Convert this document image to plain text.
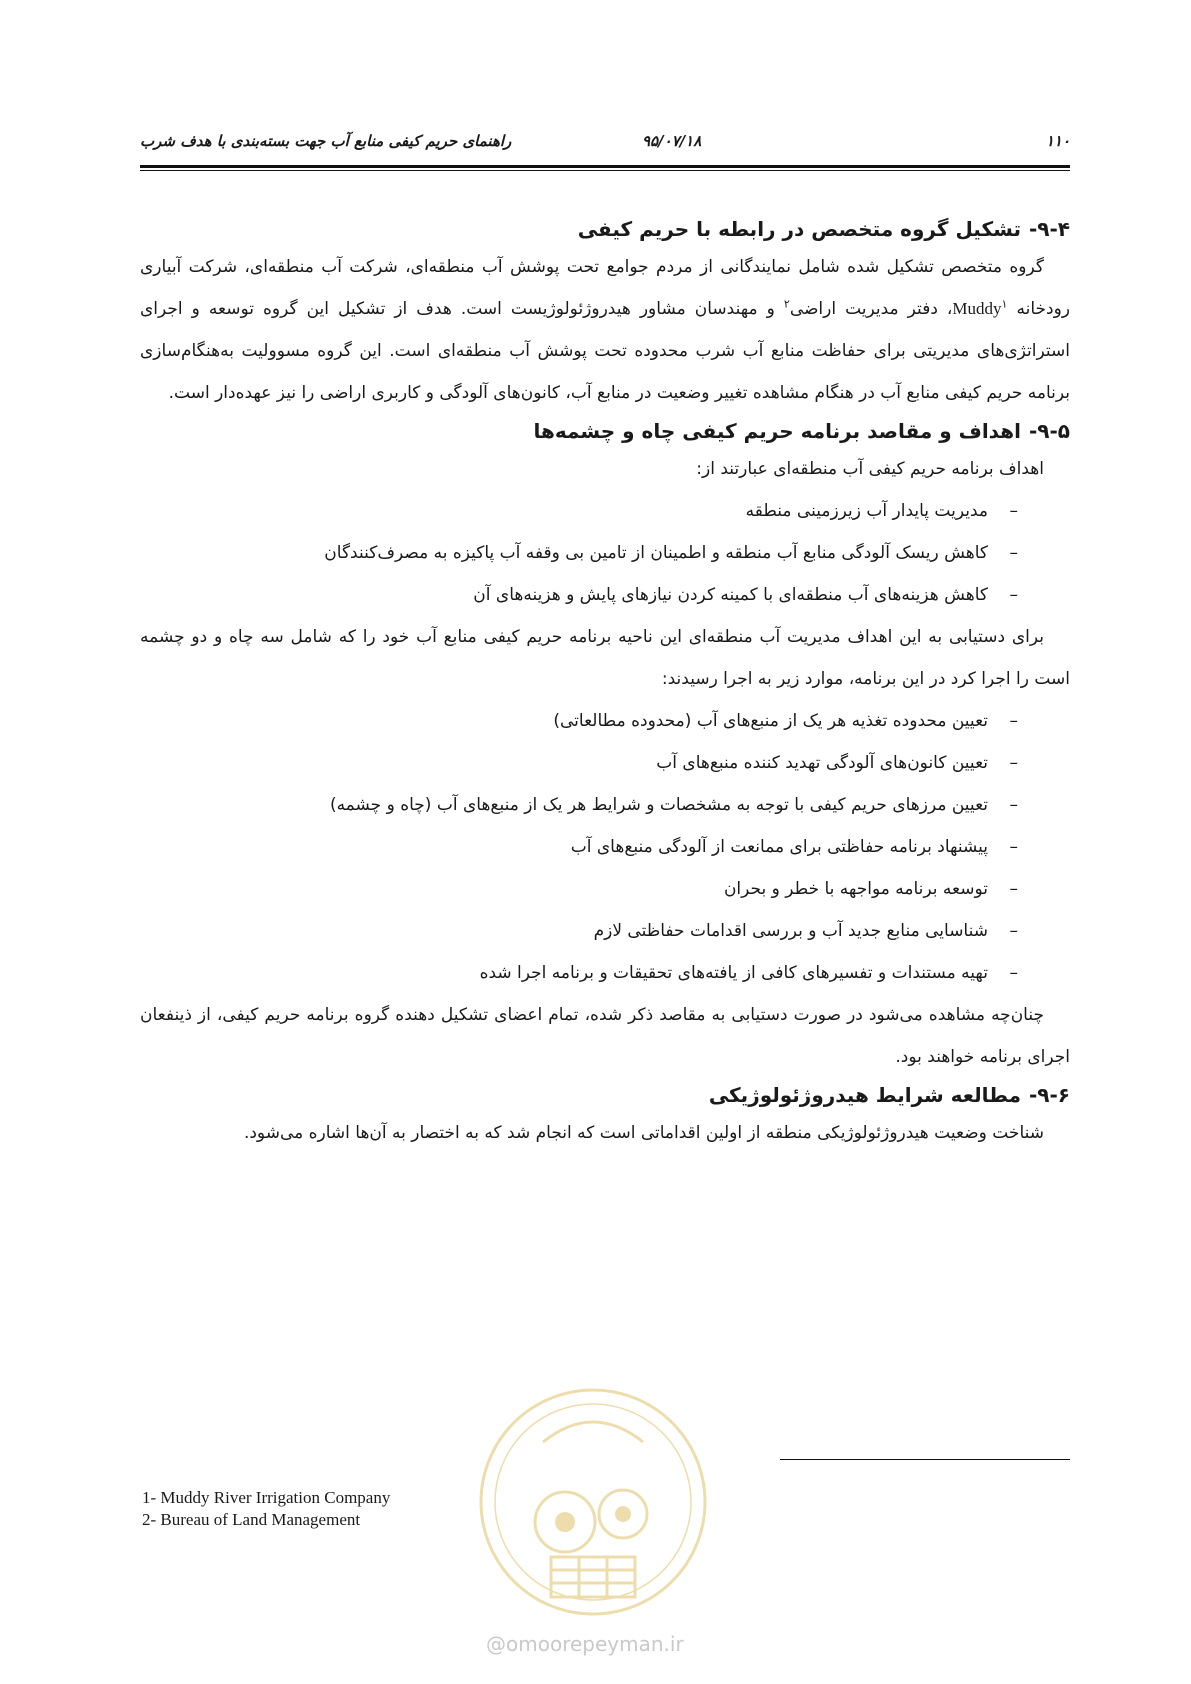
۱۱۰
۹۵/۰۷/۱۸
راهنمای حریم کیفی منابع آب جهت بسته‌بندی با هدف شرب
۹-۴-تشکیل گروه متخصص در رابطه با حریم کیفی

گروه متخصص تشکیل شده شامل نمایندگانی از مردم جوامع تحت پوشش آب منطقه‌ای، شرکت آب منطقه‌ای، شرکت آبیاری رودخانه Muddy$^۱$، دفتر مدیریت اراضی$^۲$ و مهندسان مشاور هیدروژئولوژیست است. هدف از تشکیل این گروه توسعه و اجرای استراتژی‌های مدیریتی برای حفاظت منابع آب شرب محدوده تحت پوشش آب منطقه‌ای است. این گروه مسوولیت به‌هنگام‌سازی برنامه حریم کیفی منابع آب در هنگام مشاهده تغییر وضعیت در منابع آب، کانون‌های آلودگی و کاربری اراضی را نیز عهده‌دار است.

۹-۵-اهداف و مقاصد برنامه حریم کیفی چاه و چشمه‌ها

اهداف برنامه حریم کیفی آب منطقه‌ای عبارتند از:

– مدیریت پایدار آب زیرزمینی منطقه
– کاهش ریسک آلودگی منابع آب منطقه و اطمینان از تامین بی وقفه آب پاکیزه به مصرف‌کنندگان
– کاهش هزینه‌های آب منطقه‌ای با کمینه کردن نیازهای پایش و هزینه‌های آن

برای دستیابی به این اهداف مدیریت آب منطقه‌ای این ناحیه برنامه حریم کیفی منابع آب خود را که شامل سه چاه و دو چشمه است را اجرا کرد در این برنامه، موارد زیر به اجرا رسیدند:

– تعیین محدوده تغذیه هر یک از منبع‌های آب (محدوده مطالعاتی)
– تعیین کانون‌های آلودگی تهدید کننده منبع‌های آب
– تعیین مرزهای حریم کیفی با توجه به مشخصات و شرایط هر یک از منبع‌های آب (چاه و چشمه)
– پیشنهاد برنامه حفاظتی برای ممانعت از آلودگی منبع‌های آب
– توسعه برنامه مواجهه با خطر و بحران
– شناسایی منابع جدید آب و بررسی اقدامات حفاظتی لازم
– تهیه مستندات و تفسیرهای کافی از یافته‌های تحقیقات و برنامه اجرا شده

چنان‌چه مشاهده می‌شود در صورت دستیابی به مقاصد ذکر شده، تمام اعضای تشکیل دهنده گروه برنامه حریم کیفی، از ذینفعان اجرای برنامه خواهند بود.

۹-۶-مطالعه شرایط هیدروژئولوژیکی

شناخت وضعیت هیدروژئولوژیکی منطقه از اولین اقداماتی است که انجام شد که به اختصار به آن‌ها اشاره می‌شود.

1- Muddy River Irrigation Company
2- Bureau of Land Management
@omoorepeyman.ir
